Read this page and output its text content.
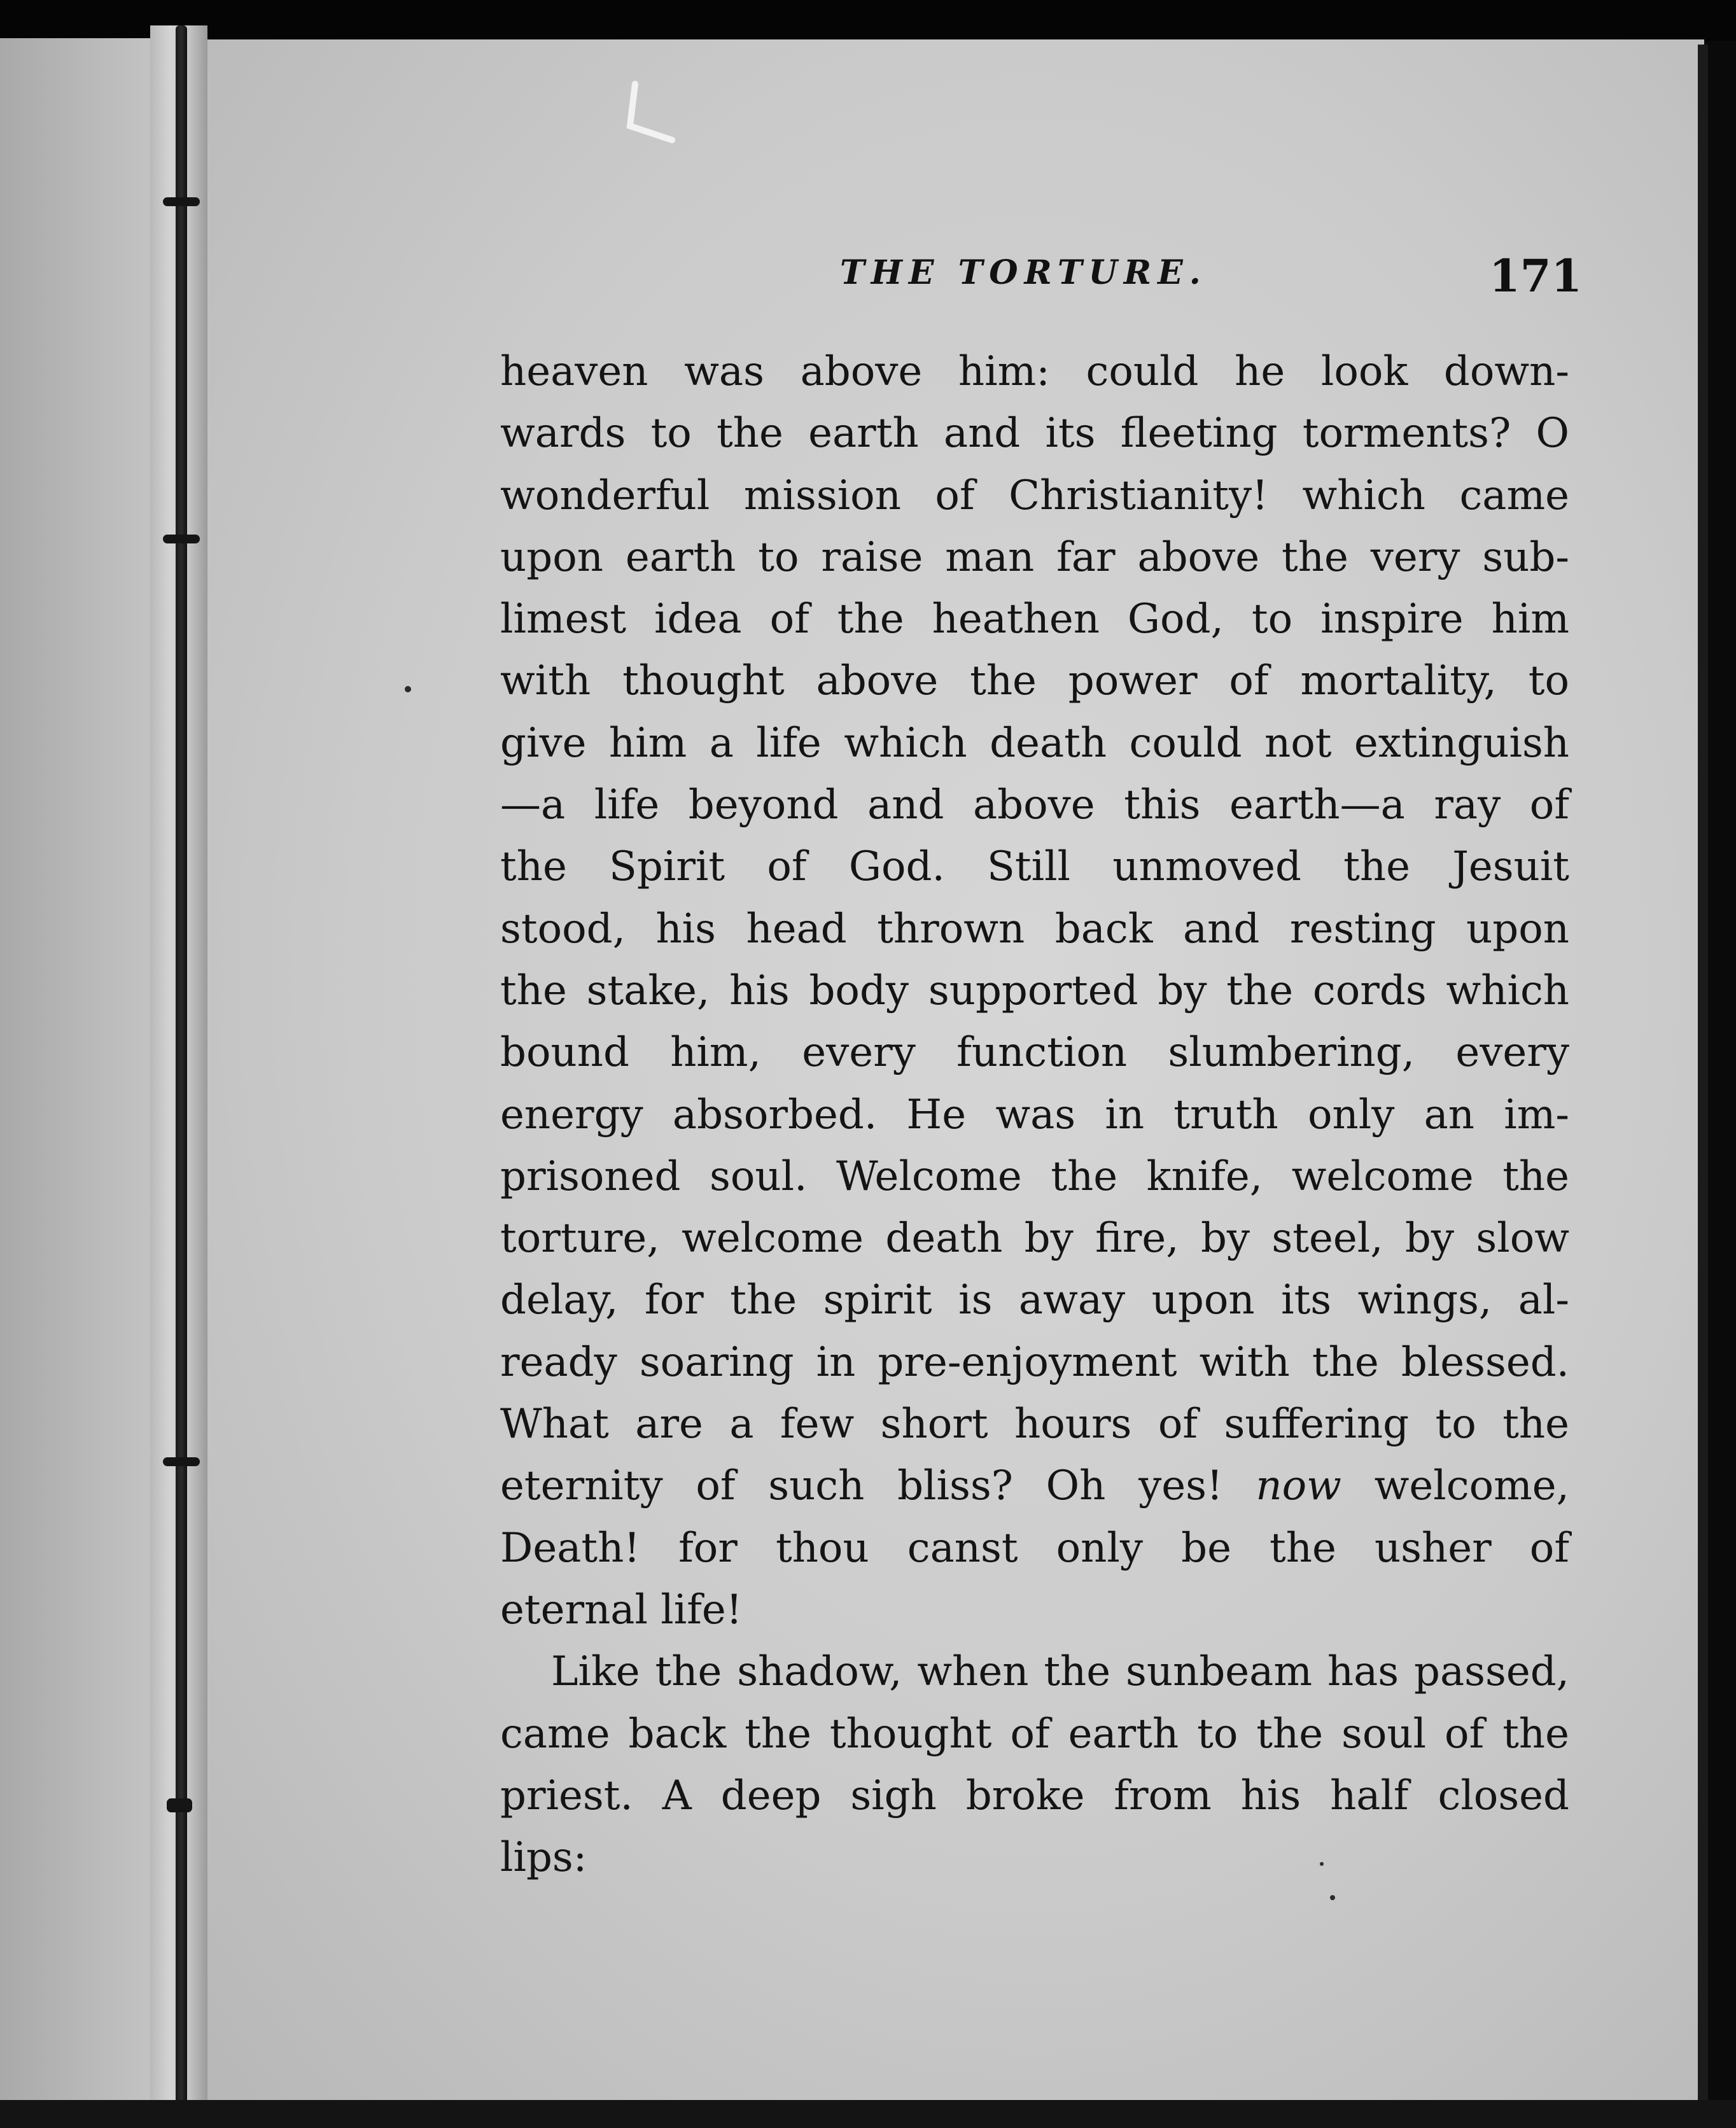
THE TORTURE.	171
heaven was above him: could he look down-
wards to the earth and its fleeting torments? O
wonderful mission of Christianity! which came
upon earth to raise man far above the very sub-
limest idea of the heathen God, to inspire him
with thought above the power of mortality, to
give him a life which death could not extinguish
—a life beyond and above this earth—a ray of
the Spirit of God. Still unmoved the Jesuit
stood, his head thrown back and resting upon
the stake, his body supported by the cords which
bound him, every function slumbering, every
energy absorbed. He was in truth only an im-
prisoned soul. Welcome the knife, welcome the
torture, welcome death by fire, by steel, by slow
delay, for the spirit is away upon its wings, al-
ready soaring in pre-enjoyment with the blessed.
What are a few short hours of suffering to the
eternity of such bliss? Oh yes! now welcome,
Death! for thou canst only be the usher of
eternal life!
Like the shadow, when the sunbeam has passed,
came back the thought of earth to the soul of the
priest. A deep sigh broke from his half closed
lips:
